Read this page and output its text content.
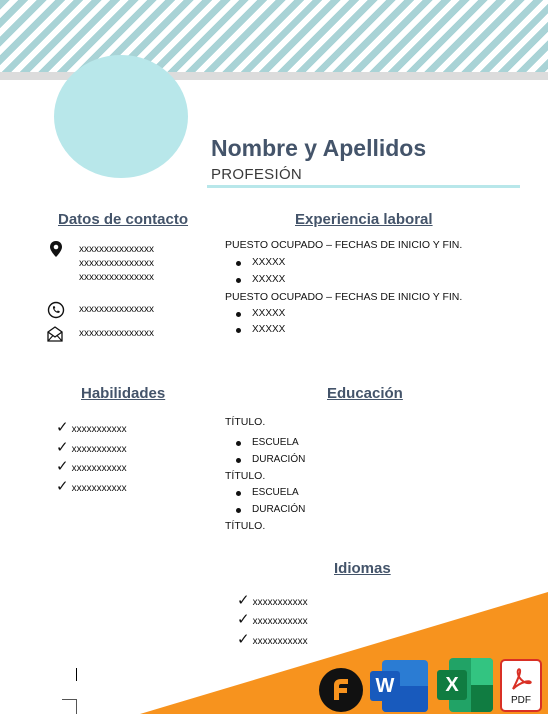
Nombre y Apellidos

PROFESIÓN

Datos de contacto
xxxxxxxxxxxxxxx
xxxxxxxxxxxxxxx
xxxxxxxxxxxxxxx
xxxxxxxxxxxxxxx
xxxxxxxxxxxxxxx
Experiencia laboral
PUESTO OCUPADO – FECHAS DE INICIO Y FIN.
XXXXX
XXXXX
PUESTO OCUPADO – FECHAS DE INICIO Y FIN.
XXXXX
XXXXX
Habilidades
✓ xxxxxxxxxxx
✓ xxxxxxxxxxx
✓ xxxxxxxxxxx
✓ xxxxxxxxxxx
Educación
TÍTULO.
ESCUELA
DURACIÓN
TÍTULO.
ESCUELA
DURACIÓN
TÍTULO.
Idiomas
✓ xxxxxxxxxxx
✓ xxxxxxxxxxx
✓ xxxxxxxxxxx
W	X
PDF
